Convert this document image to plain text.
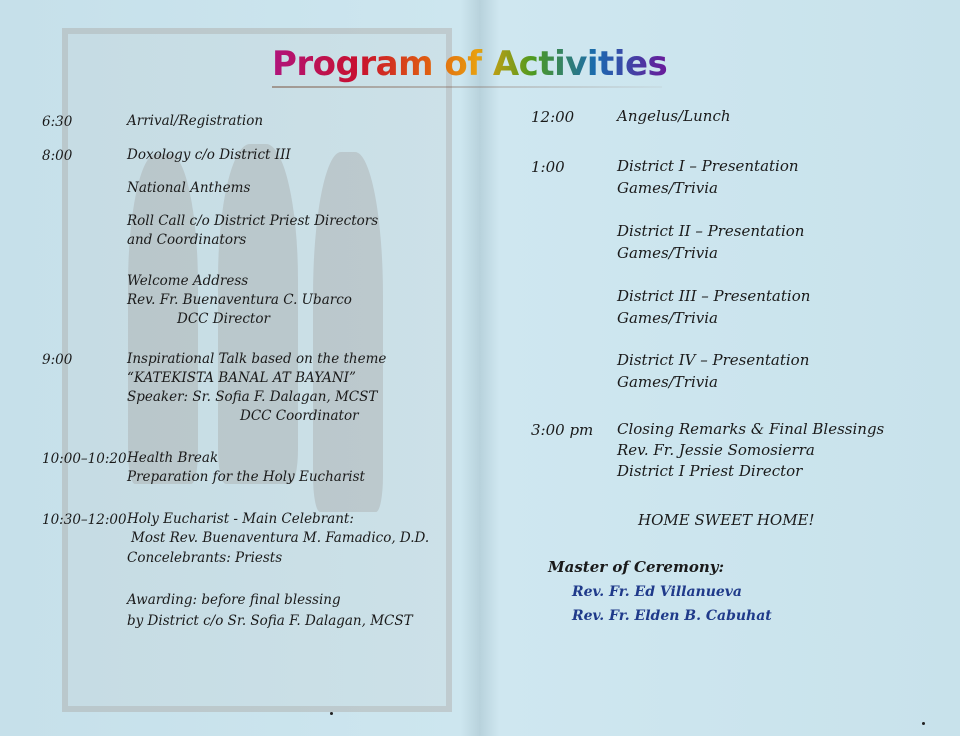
Program of Activities
6:30	Arrival/Registration
8:00	Doxology c/o District III
National Anthems
Roll Call c/o District Priest Directors
and Coordinators
Welcome Address
Rev. Fr. Buenaventura C. Ubarco
DCC Director
9:00	Inspirational Talk based on the theme
“KATEKISTA BANAL AT BAYANI”
Speaker: Sr. Sofia F. Dalagan, MCST
DCC Coordinator
10:00–10:20 Health Break
Preparation for the Holy Eucharist
10:30–12:00 Holy Eucharist - Main Celebrant:
Most Rev. Buenaventura M. Famadico, D.D.
Concelebrants: Priests
Awarding: before final blessing
by District c/o Sr. Sofia F. Dalagan, MCST
12:00	Angelus/Lunch
1:00	District I – Presentation
Games/Trivia
District II – Presentation
Games/Trivia
District III – Presentation
Games/Trivia
District IV – Presentation
Games/Trivia
3:00 pm Closing Remarks & Final Blessings
Rev. Fr. Jessie Somosierra
District I Priest Director
HOME SWEET HOME!
Master of Ceremony:
Rev. Fr. Ed Villanueva
Rev. Fr. Elden B. Cabuhat
